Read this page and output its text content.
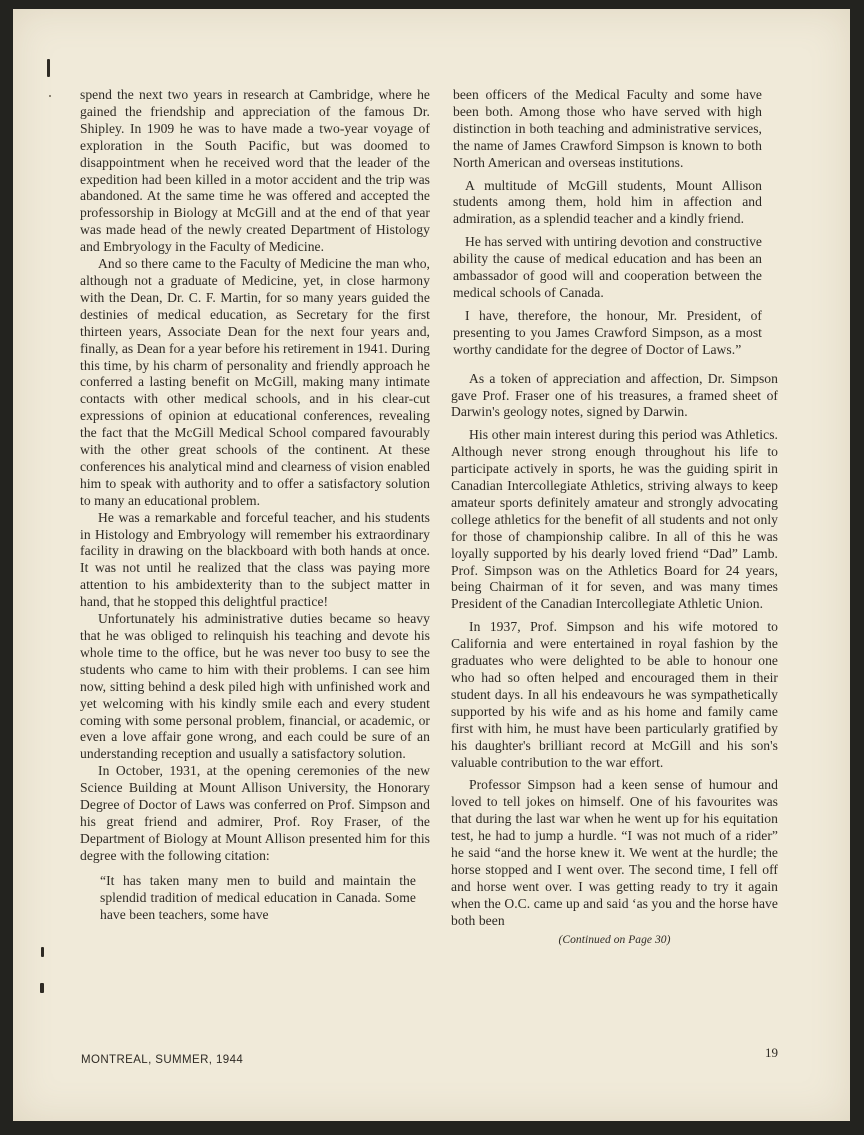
spend the next two years in research at Cambridge, where he gained the friendship and appreciation of the famous Dr. Shipley. In 1909 he was to have made a two-year voyage of exploration in the South Pacific, but was doomed to disappointment when he received word that the leader of the expedition had been killed in a motor accident and the trip was abandoned. At the same time he was offered and accepted the professorship in Biology at McGill and at the end of that year was made head of the newly created Department of Histology and Embryology in the Faculty of Medicine.

And so there came to the Faculty of Medicine the man who, although not a graduate of Medicine, yet, in close harmony with the Dean, Dr. C. F. Martin, for so many years guided the destinies of medical education, as Secretary for the first thirteen years, Associate Dean for the next four years and, finally, as Dean for a year before his retirement in 1941. During this time, by his charm of personality and friendly approach he conferred a lasting benefit on McGill, making many intimate contacts with other medical schools, and in his clear-cut expressions of opinion at educational conferences, revealing the fact that the McGill Medical School compared favourably with the other great schools of the continent. At these conferences his analytical mind and clearness of vision enabled him to speak with authority and to offer a satisfactory solution to many an educational problem.

He was a remarkable and forceful teacher, and his students in Histology and Embryology will remember his extraordinary facility in drawing on the blackboard with both hands at once. It was not until he realized that the class was paying more attention to his ambidexterity than to the subject matter in hand, that he stopped this delightful practice!

Unfortunately his administrative duties became so heavy that he was obliged to relinquish his teaching and devote his whole time to the office, but he was never too busy to see the students who came to him with their problems. I can see him now, sitting behind a desk piled high with unfinished work and yet welcoming with his kindly smile each and every student coming with some personal problem, financial, or academic, or even a love affair gone wrong, and each could be sure of an understanding reception and usually a satisfactory solution.

In October, 1931, at the opening ceremonies of the new Science Building at Mount Allison University, the Honorary Degree of Doctor of Laws was conferred on Prof. Simpson and his great friend and admirer, Prof. Roy Fraser, of the Department of Biology at Mount Allison presented him for this degree with the following citation:

“It has taken many men to build and maintain the splendid tradition of medical education in Canada. Some have been teachers, some have

been officers of the Medical Faculty and some have been both. Among those who have served with high distinction in both teaching and administrative services, the name of James Crawford Simpson is known to both North American and overseas institutions.

A multitude of McGill students, Mount Allison students among them, hold him in affection and admiration, as a splendid teacher and a kindly friend.

He has served with untiring devotion and constructive ability the cause of medical education and has been an ambassador of good will and cooperation between the medical schools of Canada.

I have, therefore, the honour, Mr. President, of presenting to you James Crawford Simpson, as a most worthy candidate for the degree of Doctor of Laws.”

As a token of appreciation and affection, Dr. Simpson gave Prof. Fraser one of his treasures, a framed sheet of Darwin's geology notes, signed by Darwin.

His other main interest during this period was Athletics. Although never strong enough throughout his life to participate actively in sports, he was the guiding spirit in Canadian Intercollegiate Athletics, striving always to keep amateur sports definitely amateur and strongly advocating college athletics for the benefit of all students and not only for those of championship calibre. In all of this he was loyally supported by his dearly loved friend “Dad” Lamb. Prof. Simpson was on the Athletics Board for 24 years, being Chairman of it for seven, and was many times President of the Canadian Intercollegiate Athletic Union.

In 1937, Prof. Simpson and his wife motored to California and were entertained in royal fashion by the graduates who were delighted to be able to honour one who had so often helped and encouraged them in their student days. In all his endeavours he was sympathetically supported by his wife and as his home and family came first with him, he must have been particularly gratified by his daughter's brilliant record at McGill and his son's valuable contribution to the war effort.

Professor Simpson had a keen sense of humour and loved to tell jokes on himself. One of his favourites was that during the last war when he went up for his equitation test, he had to jump a hurdle. “I was not much of a rider” he said “and the horse knew it. We went at the hurdle; the horse stopped and I went over. The second time, I fell off and horse went over. I was getting ready to try it again when the O.C. came up and said ‘as you and the horse have both been

(Continued on Page 30)
MONTREAL, SUMMER, 1944	19
